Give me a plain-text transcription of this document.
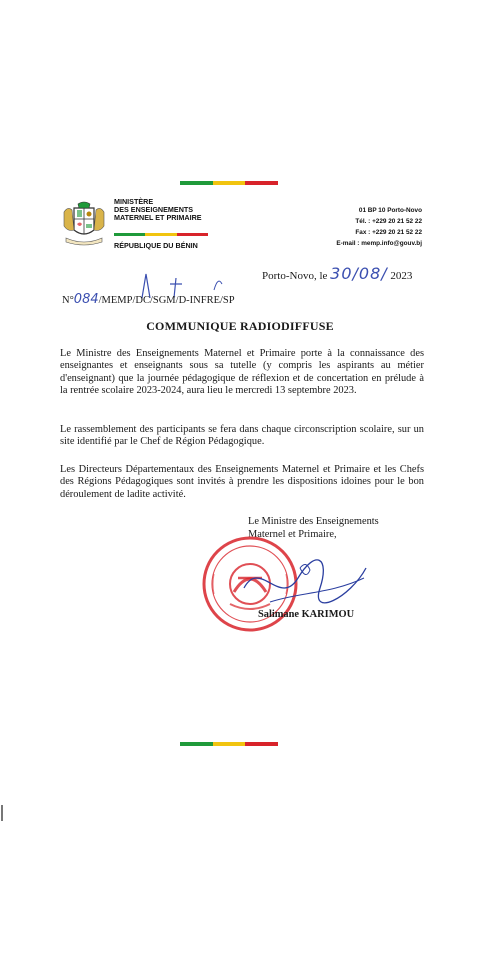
MINISTÈRE
DES ENSEIGNEMENTS
MATERNEL ET PRIMAIRE
RÉPUBLIQUE DU BÉNIN
01 BP 10 Porto-Novo
Tél. : +229 20 21 52 22
Fax : +229 20 21 52 22
E-mail : memp.info@gouv.bj
Porto-Novo, le 30/08/ 2023
N°084/MEMP/DC/SGM/D-INFRE/SP
COMMUNIQUE RADIODIFFUSE
Le Ministre des Enseignements Maternel et Primaire porte à la connaissance des enseignantes et enseignants sous sa tutelle (y compris les aspirants au métier d'enseignant) que la journée pédagogique de réflexion et de concertation en prélude à la rentrée scolaire 2023-2024, aura lieu le mercredi 13 septembre 2023.
Le rassemblement des participants se fera dans chaque circonscription scolaire, sur un site identifié par le Chef de Région Pédagogique.
Les Directeurs Départementaux des Enseignements Maternel et Primaire et les Chefs des Régions Pédagogiques sont invités à prendre les dispositions idoines pour le bon déroulement de ladite activité.
Le Ministre des Enseignements
Maternel et Primaire,
Salimane KARIMOU
